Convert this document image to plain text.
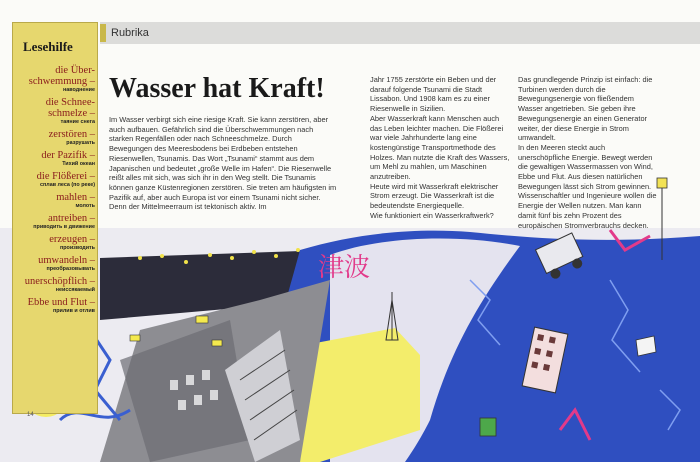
津波
Rubrika
Lesehilfe
die Über-
schwemmung –
наводнение
die Schnee-
schmelze –
таяние снега
zerstören –
разрушать
der Pazifik –
Тихий океан
die Flößerei –
сплав леса (по реке)
mahlen –
молоть
antreiben –
приводить в движение
erzeugen –
производить
umwandeln –
преобразовывать
unerschöpflich –
неиссякаемый
Ebbe und Flut –
прилив и отлив
Wasser hat Kraft!

Im Wasser verbirgt sich eine riesige Kraft. Sie kann zerstören, aber auch aufbauen. Gefährlich sind die Überschwemmungen nach starken Regenfällen oder nach Schneeschmelze. Durch Bewegungen des Meeresbodens bei Erdbeben entstehen Riesenwellen, Tsunamis. Das Wort „Tsunami“ stammt aus dem Japanischen und bedeutet „große Welle im Hafen“. Die Riesenwelle reißt alles mit sich, was sich ihr in den Weg stellt. Die Tsunamis können ganze Küstenregionen zerstören. Sie treten am häufigsten im Pazifik auf, aber auch Europa ist vor einem Tsunami nicht sicher. Denn der Mittelmeerraum ist tektonisch aktiv. Im

Jahr 1755 zerstörte ein Beben und der darauf folgende Tsunami die Stadt Lissabon. Und 1908 kam es zu einer Riesenwelle in Sizilien.

Aber Wasserkraft kann Menschen auch das Leben leichter machen. Die Flößerei war viele Jahrhunderte lang eine kostengünstige Transportmethode des Holzes. Man nutzte die Kraft des Wassers, um Mehl zu mahlen, um Maschinen anzutreiben.

Heute wird mit Wasserkraft elektrischer Strom erzeugt. Die Wasserkraft ist die bedeutendste Energiequelle.

Wie funktioniert ein Wasserkraftwerk?

Das grundlegende Prinzip ist einfach: die Turbinen werden durch die Bewegungsenergie von fließendem Wasser angetrieben. Sie geben ihre Bewegungsenergie an einen Generator weiter, der diese Energie in Strom umwandelt.

In den Meeren steckt auch unerschöpfliche Energie. Bewegt werden die gewaltigen Wassermassen von Wind, Ebbe und Flut. Aus diesen natürlichen Bewegungen lässt sich Strom gewinnen.

Wissenschaftler und Ingenieure wollen die Energie der Wellen nutzen. Man kann damit fünf bis zehn Prozent des europäischen Stromverbrauchs decken.

14
